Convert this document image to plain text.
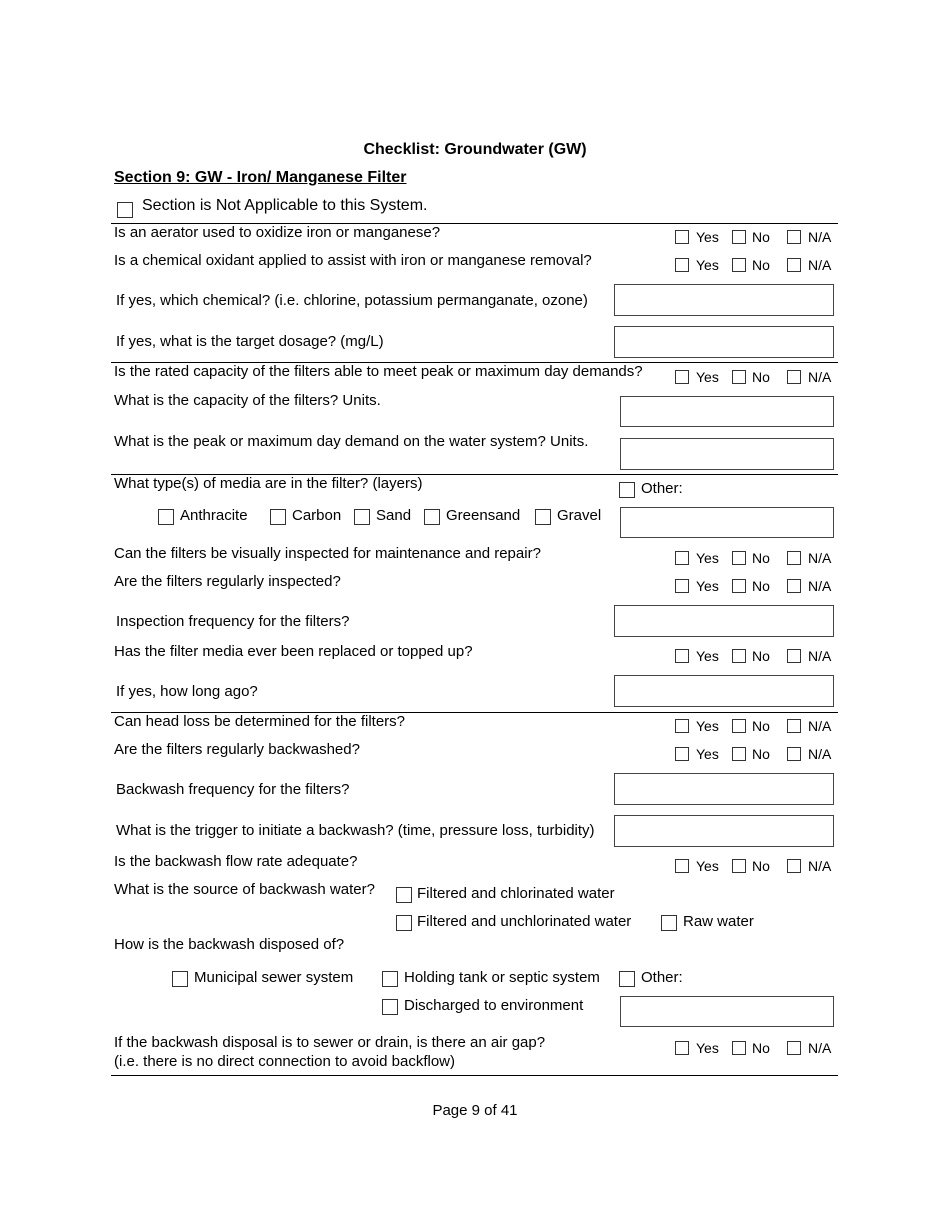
Checklist: Groundwater (GW)
Section 9: GW - Iron/ Manganese Filter
Section is Not Applicable to this System.
Is an aerator used to oxidize iron or manganese?	Yes No	N/A
Is a chemical oxidant applied to assist with iron or manganese removal?	Yes No	N/A
If yes, which chemical? (i.e. chlorine, potassium permanganate, ozone)
If yes, what is the target dosage? (mg/L)
Is the rated capacity of the filters able to meet peak or maximum day demands?	Yes No	N/A
What is the capacity of the filters? Units.
What is the peak or maximum day demand on the water system? Units.
What type(s) of media are in the filter? (layers)	Other:
Anthracite	Carbon Sand Greensand Gravel
Can the filters be visually inspected for maintenance and repair?	Yes No	N/A
Are the filters regularly inspected?	Yes No	N/A
Inspection frequency for the filters?
Has the filter media ever been replaced or topped up?	Yes No	N/A
If yes, how long ago?
Can head loss be determined for the filters?	Yes No	N/A
Are the filters regularly backwashed?	Yes No	N/A
Backwash frequency for the filters?
What is the trigger to initiate a backwash? (time, pressure loss, turbidity)
Is the backwash flow rate adequate?	Yes No	N/A
What is the source of backwash water?	Filtered and chlorinated water
Filtered and unchlorinated water	Raw water
How is the backwash disposed of?
Municipal sewer system	Holding tank or septic system	Other:
Discharged to environment
If the backwash disposal is to sewer or drain, is there an air gap?
(i.e. there is no direct connection to avoid backflow)
Yes No	N/A
Page 9 of 41
